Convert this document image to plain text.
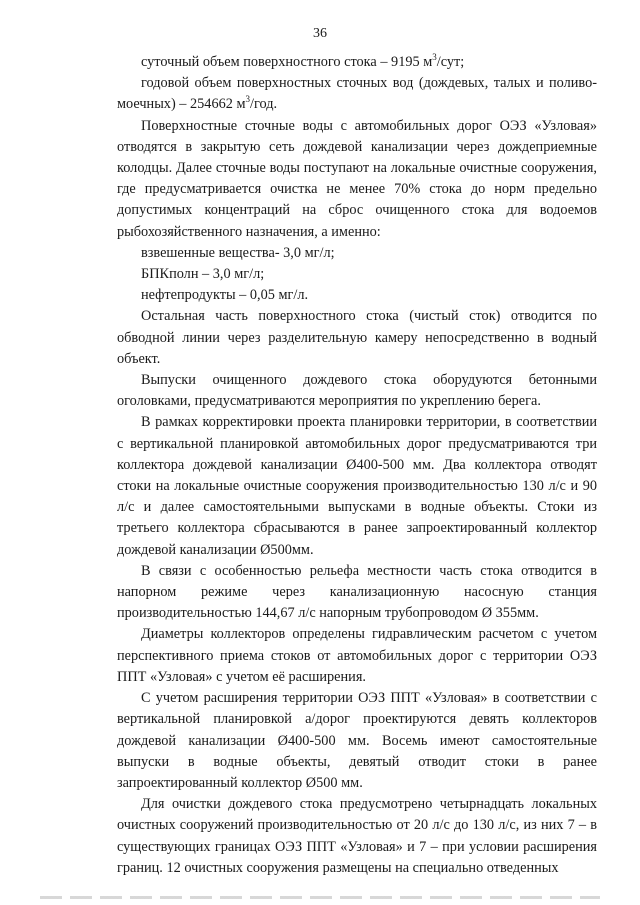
36

суточный объем поверхностного стока – 9195 $м^3$/сут;

годовой объем поверхностных сточных вод (дождевых, талых и поливо-моечных) – 254662 $м^3$/год.

Поверхностные сточные воды с автомобильных дорог ОЭЗ «Узловая» отводятся в закрытую сеть дождевой канализации через дождеприемные колодцы. Далее сточные воды поступают на локальные очистные сооружения, где предусматривается очистка не менее 70% стока до норм предельно допустимых концентраций на сброс очищенного стока для водоемов рыбохозяйственного назначения, а именно:

взвешенные вещества- 3,0 мг/л;

БПКполн – 3,0 мг/л;

нефтепродукты – 0,05 мг/л.

Остальная часть поверхностного стока (чистый сток) отводится по обводной линии через разделительную камеру непосредственно в водный объект.

Выпуски очищенного дождевого стока оборудуются бетонными оголовками, предусматриваются мероприятия по укреплению берега.

В рамках корректировки проекта планировки территории, в соответствии с вертикальной планировкой автомобильных дорог предусматриваются три коллектора дождевой канализации Ø400-500 мм. Два коллектора отводят стоки на локальные очистные сооружения производительностью 130 л/с и 90 л/с и далее самостоятельными выпусками в водные объекты. Стоки из третьего коллектора сбрасываются в ранее запроектированный коллектор дождевой канализации Ø500мм.

В связи с особенностью рельефа местности часть стока отводится в напорном режиме через канализационную насосную станция производительностью 144,67 л/с напорным трубопроводом Ø 355мм.

Диаметры коллекторов определены гидравлическим расчетом с учетом перспективного приема стоков от автомобильных дорог с территории ОЭЗ ППТ «Узловая» с учетом её расширения.

С учетом расширения территории ОЭЗ ППТ «Узловая» в соответствии с вертикальной планировкой а/дорог проектируются девять коллекторов дождевой канализации Ø400-500 мм. Восемь имеют самостоятельные выпуски в водные объекты, девятый отводит стоки в ранее запроектированный коллектор Ø500 мм.

Для очистки дождевого стока предусмотрено четырнадцать локальных очистных сооружений производительностью от 20 л/с до 130 л/с, из них 7 – в существующих границах ОЭЗ ППТ «Узловая» и 7 – при условии расширения границ. 12 очистных сооружения размещены на специально отведенных
